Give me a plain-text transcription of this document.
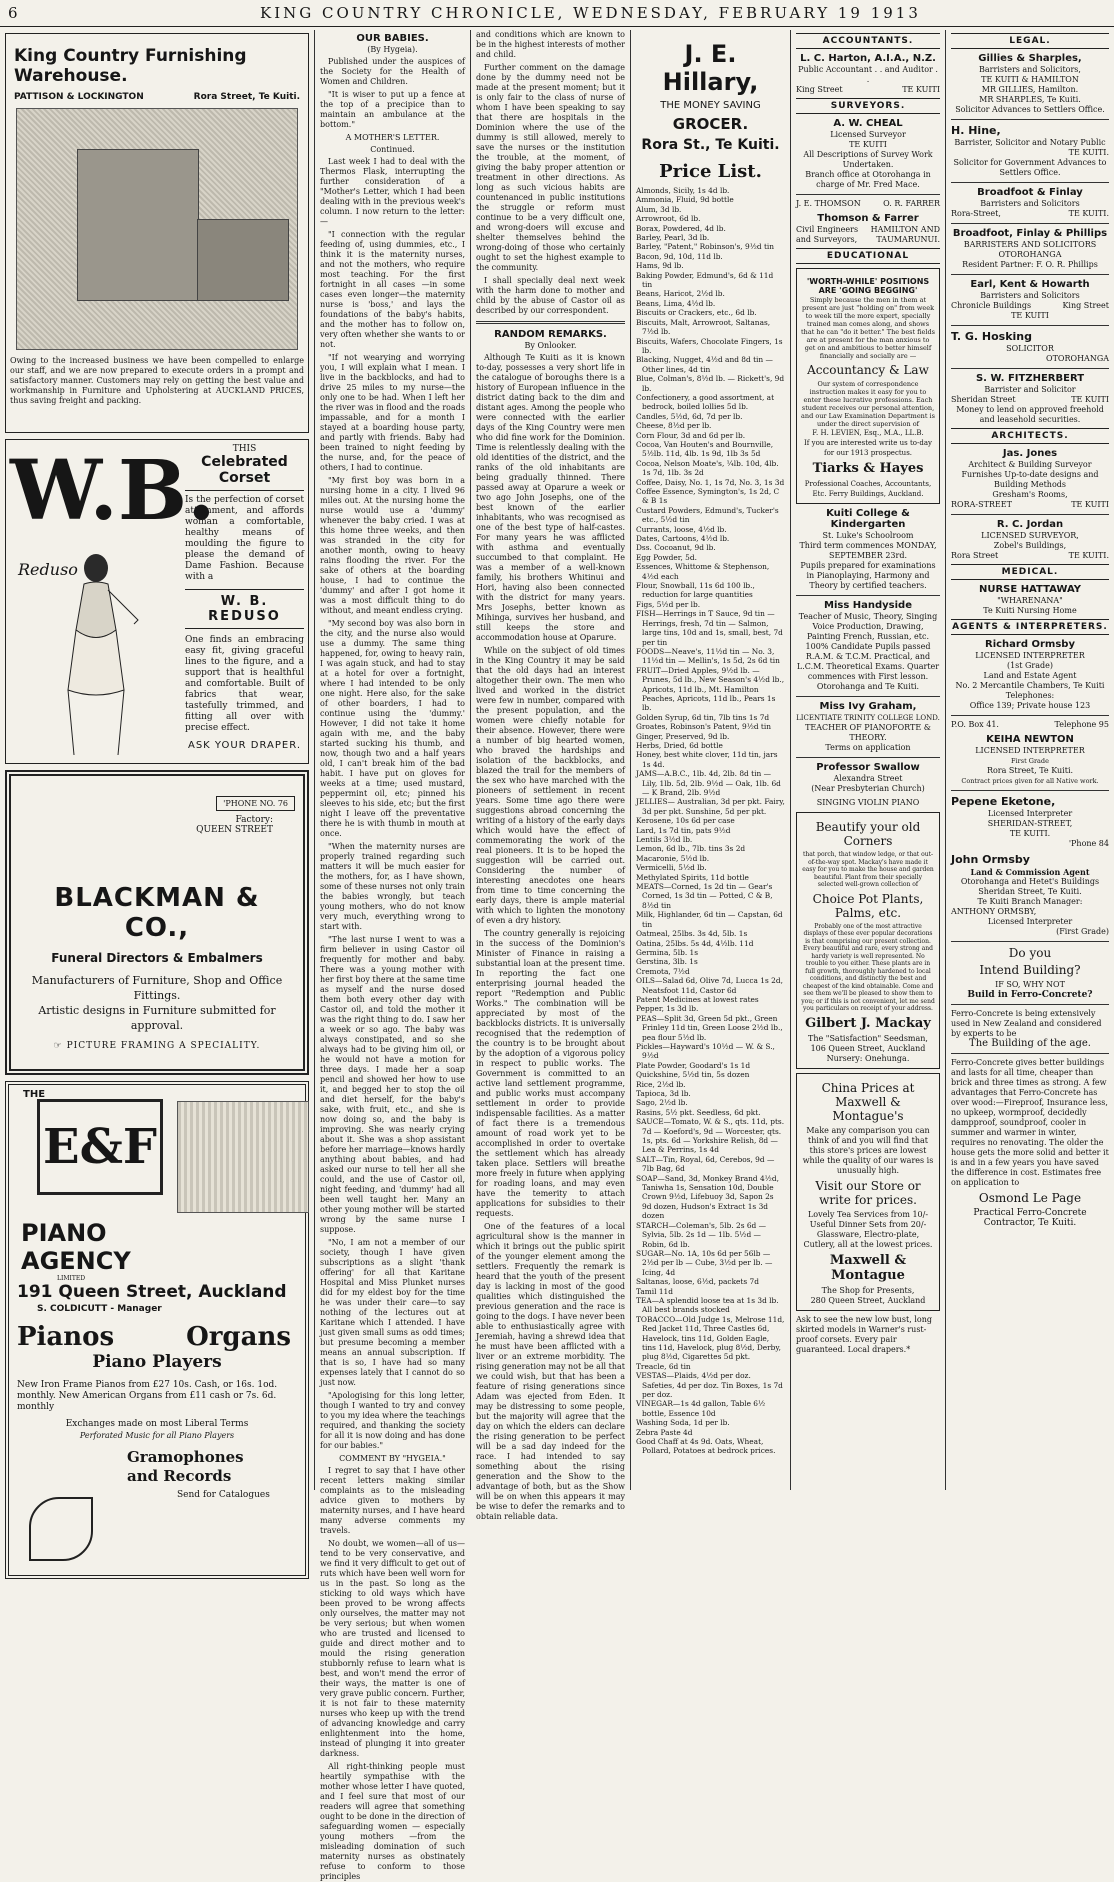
6	KING COUNTRY CHRONICLE, WEDNESDAY, FEBRUARY 19 1913
King Country Furnishing Warehouse.
PATTISON & LOCKINGTON	Rora Street, Te Kuiti.
Owing to the increased business we have been compelled to enlarge our staff, and we are now prepared to execute orders in a prompt and satisfactory manner. Customers may rely on getting the best value and workmanship in Furniture and Upholstering at AUCKLAND PRICES, thus saving freight and packing.
W.B.
Reduso
THIS
Celebrated Corset
Is the perfection of corset attainment, and affords woman a comfortable, healthy means of moulding the figure to please the demand of Dame Fashion. Because with a
W. B. REDUSO
One finds an embracing easy fit, giving graceful lines to the figure, and a support that is healthful and comfortable. Built of fabrics that wear, tastefully trimmed, and fitting all over with precise effect.
ASK YOUR DRAPER.
'PHONE NO. 76
Factory:
QUEEN STREET
BLACKMAN & CO.,
Funeral Directors & Embalmers
Manufacturers of Furniture, Shop and Office Fittings.
Artistic designs in Furniture submitted for approval.
☞ PICTURE FRAMING A SPECIALITY.
THE
E&F
PIANO
AGENCY
LIMITED
191 Queen Street, Auckland
S. COLDICUTT - Manager
Pianos	Organs
Piano Players
New Iron Frame Pianos from £27 10s. Cash, or 16s. 1od. monthly. New American Organs from £11 cash or 7s. 6d. monthly
Exchanges made on most Liberal Terms
Perforated Music for all Piano Players
Gramophones
and Records
Send for Catalogues
OUR BABIES.
(By Hygeia).

Published under the auspices of the Society for the Health of Women and Children.

"It is wiser to put up a fence at the top of a precipice than to maintain an ambulance at the bottom."

A MOTHER'S LETTER.
Continued.

Last week I had to deal with the Thermos Flask, interrupting the further consideration of a "Mother's Letter, which I had been dealing with in the previous week's column. I now return to the letter:—

"I connection with the regular feeding of, using dummies, etc., I think it is the maternity nurses, and not the mothers, who require most teaching. For the first fortnight in all cases —in some cases even longer—the maternity nurse is 'boss,' and lays the foundations of the baby's habits, and the mother has to follow on, very often whether she wants to or not.

"If not wearying and worrying you, I will explain what I mean. I live in the backblocks, and had to drive 25 miles to my nurse—the only one to be had. When I left her the river was in flood and the roads impassable, and for a month I stayed at a boarding house party, and partly with friends. Baby had been trained to night feeding by the nurse, and, for the peace of others, I had to continue.

"My first boy was born in a nursing home in a city. I lived 96 miles out. At the nursing home the nurse would use a 'dummy' whenever the baby cried. I was at this home three weeks, and then was stranded in the city for another month, owing to heavy rains flooding the river. For the sake of others at the boarding house, I had to continue the 'dummy' and after I got home it was a most difficult thing to do without, and meant endless crying.

"My second boy was also born in the city, and the nurse also would use a dummy. The same thing happened, for, owing to heavy rain, I was again stuck, and had to stay at a hotel for over a fortnight, where I had intended to be only one night. Here also, for the sake of other boarders, I had to continue using the 'dummy.' However, I did not take it home again with me, and the baby started sucking his thumb, and now, though two and a half years old, I can't break him of the bad habit. I have put on gloves for weeks at a time; used mustard, peppermint oil, etc; pinned his sleeves to his side, etc; but the first night I leave off the preventative there he is with thumb in mouth at once.

"When the maternity nurses are properly trained regarding such matters it will be much easier for the mothers, for, as I have shown, some of these nurses not only train the babies wrongly, but teach young mothers, who do not know very much, everything wrong to start with.

"The last nurse I went to was a firm believer in using Castor oil frequently for mother and baby. There was a young mother with her first boy there at the same time as myself and the nurse dosed them both every other day with Castor oil, and told the mother it was the right thing to do. I saw her a week or so ago. The baby was always constipated, and so she always had to be giving him oil, or he would not have a motion for three days. I made her a soap pencil and showed her how to use it, and begged her to stop the oil and diet herself, for the baby's sake, with fruit, etc., and she is now doing so, and the baby is improving. She was nearly crying about it. She was a shop assistant before her marriage—knows hardly anything about babies, and had asked our nurse to tell her all she could, and the use of Castor oil, night feeding, and 'dummy' had all been well taught her. Many an other young mother will be started wrong by the same nurse I suppose.

"No, I am not a member of our society, though I have given subscriptions as a slight 'thank offering' for all that Karitane Hospital and Miss Plunket nurses did for my eldest boy for the time he was under their care—to say nothing of the lectures out at Karitane which I attended. I have just given small sums as odd times; but presume becoming a member means an annual subscription. If that is so, I have had so many expenses lately that I cannot do so just now.

"Apologising for this long letter, though I wanted to try and convey to you my idea where the teachings required, and thanking the society for all it is now doing and has done for our babies."

COMMENT BY "HYGEIA."

I regret to say that I have other recent letters making similar complaints as to the misleading advice given to mothers by maternity nurses, and I have heard many adverse comments my travels.

No doubt, we women—all of us—tend to be very conservative, and we find it very difficult to get out of ruts which have been well worn for us in the past. So long as the sticking to old ways which have been proved to be wrong affects only ourselves, the matter may not be very serious; but when women who are trusted and licensed to guide and direct mother and to mould the rising generation stubbornly refuse to learn what is best, and won't mend the error of their ways, the matter is one of very grave public concern. Further, it is not fair to these maternity nurses who keep up with the trend of advancing knowledge and carry enlightenment into the home, instead of plunging it into greater darkness.

All right-thinking people must heartily sympathise with the mother whose letter I have quoted, and I feel sure that most of our readers will agree that something ought to be done in the direction of safeguarding women — especially young mothers —from the misleading domination of such maternity nurses as obstinately refuse to conform to those principles

and conditions which are known to be in the highest interests of mother and child.

Further comment on the damage done by the dummy need not be made at the present moment; but it is only fair to the class of nurse of whom I have been speaking to say that there are hospitals in the Dominion where the use of the dummy is still allowed, merely to save the nurses or the institution the trouble, at the moment, of giving the baby proper attention or treatment in other directions. As long as such vicious habits are countenanced in public institutions the struggle or reform must continue to be a very difficult one, and wrong-doers will excuse and shelter themselves behind the wrong-doing of those who certainly ought to set the highest example to the community.

I shall specially deal next week with the harm done to mother and child by the abuse of Castor oil as described by our correspondent.

RANDOM REMARKS.
By Onlooker.

Although Te Kuiti as it is known to-day, possesses a very short life in the catalogue of boroughs there is a history of European influence in the district dating back to the dim and distant ages. Among the people who were connected with the earlier days of the King Country were men who did fine work for the Dominion. Time is relentlessly dealing with the old identities of the district, and the ranks of the old inhabitants are being gradually thinned. There passed away at Oparure a week or two ago John Josephs, one of the best known of the earlier inhabitants, who was recognised as one of the best type of half-castes. For many years he was afflicted with asthma and eventually succumbed to that complaint. He was a member of a well-known family, his brothers Whitinui and Hori, having also been connected with the district for many years. Mrs Josephs, better known as Mihinga, survives her husband, and still keeps the store and accommodation house at Oparure.

While on the subject of old times in the King Country it may be said that the old days had an interest altogether their own. The men who lived and worked in the district were few in number, compared with the present population, and the women were chiefly notable for their absence. However, there were a number of big hearted women, who braved the hardships and isolation of the backblocks, and blazed the trail for the members of the sex who have marched with the pioneers of settlement in recent years. Some time ago there were suggestions abroad concerning the writing of a history of the early days which would have the effect of commemorating the work of the real pioneers. It is to be hoped the suggestion will be carried out. Considering the number of interesting anecdotes one hears from time to time concerning the early days, there is ample material with which to lighten the monotony of even a dry history.

The country generally is rejoicing in the success of the Dominion's Minister of Finance in raising a substantial loan at the present time. In reporting the fact one enterprising journal headed the report "Redemption and Public Works." The combination will be appreciated by most of the backblocks districts. It is universally recognised that the redemption of the country is to be brought about by the adoption of a vigorous policy in respect to public works. The Government is committed to an active land settlement programme, and public works must accompany settlement in order to provide indispensable facilities. As a matter of fact there is a tremendous amount of road work yet to be accomplished in order to overtake the settlement which has already taken place. Settlers will breathe more freely in future when applying for roading loans, and may even have the temerity to attach applications for subsidies to their requests.

One of the features of a local agricultural show is the manner in which it brings out the public spirit of the younger element among the settlers. Frequently the remark is heard that the youth of the present day is lacking in most of the good qualities which distinguished the previous generation and the race is going to the dogs. I have never been able to enthusiastically agree with Jeremiah, having a shrewd idea that he must have been afflicted with a liver or an extreme morbidity. The rising generation may not be all that we could wish, but that has been a feature of rising generations since Adam was ejected from Eden. It may be distressing to some people, but the majority will agree that the day on which the elders can declare the rising generation to be perfect will be a sad day indeed for the race. I had intended to say something about the rising generation and the Show to the advantage of both, but as the Show will be on when this appears it may be wise to defer the remarks and to obtain reliable data.

J. E. Hillary,
THE MONEY SAVING
GROCER.
Rora St., Te Kuiti.
Price List.

Almonds, Sicily, 1s 4d lb.

Ammonia, Fluid, 9d bottle

Alum, 3d lb.

Arrowroot, 6d lb.

Borax, Powdered, 4d lb.

Barley, Pearl, 3d lb.

Barley, "Patent," Robinson's, 9½d tin

Bacon, 9d, 10d, 11d lb.

Hams, 9d lb.

Baking Powder, Edmund's, 6d & 11d tin

Beans, Haricot, 2½d lb.

Beans, Lima, 4½d lb.

Biscuits or Crackers, etc., 6d lb.

Biscuits, Malt, Arrowroot, Saltanas, 7½d lb.

Biscuits, Wafers, Chocolate Fingers, 1s lb.

Blacking, Nugget, 4½d and 8d tin — Other lines, 4d tin

Blue, Colman's, 8½d lb. — Rickett's, 9d lb.

Confectionery, a good assortment, at bedrock, boiled lollies 5d lb.

Candles, 5½d, 6d, 7d per lb.

Cheese, 8½d per lb.

Corn Flour, 3d and 6d per lb.

Cocoa, Van Houten's and Bournville, 5½lb. 11d, 4lb. 1s 9d, 1lb 3s 5d

Cocoa, Nelson Moate's, ¼lb. 10d, 4lb. 1s 7d, 1lb. 3s 2d

Coffee, Daisy, No. 1, 1s 7d, No. 3, 1s 3d

Coffee Essence, Symington's, 1s 2d, C & B 1s

Custard Powders, Edmund's, Tucker's etc., 5½d tin

Currants, loose, 4½d lb.

Dates, Cartoons, 4½d lb.

Dss. Cocoanut, 9d lb.

Egg Powder, 5d.

Essences, Whittome & Stephenson, 4½d each

Flour, Snowball, 11s 6d 100 lb., reduction for large quantities

Figs, 5½d per lb.

FISH—Herrings in T Sauce, 9d tin — Herrings, fresh, 7d tin — Salmon, large tins, 10d and 1s, small, best, 7d per tin

FOODS—Neave's, 11½d tin — No. 3, 11½d tin — Mellin's, 1s 5d, 2s 6d tin

FRUIT—Dried Apples, 9½d lb. — Prunes, 5d lb., New Season's 4½d lb., Apricots, 11d lb., Mt. Hamilton Peaches, Apricots, 11d lb., Pears 1s lb.

Golden Syrup, 6d tin, 7lb tins 1s 7d

Groates, Robinson's Patent, 9½d tin

Ginger, Preserved, 9d lb.

Herbs, Dried, 6d bottle

Honey, best white clover, 11d tin, jars 1s 4d.

JAMS—A.B.C., 1lb. 4d, 2lb. 8d tin — Lily, 1lb. 5d, 2lb. 9½d — Oak, 1lb. 6d — K Brand, 2lb. 9½d

JELLIES— Australian, 3d per pkt. Fairy, 3d per pkt. Sunshine, 5d per pkt.

Kerosene, 10s 6d per case

Lard, 1s 7d tin, pats 9½d

Lentils 3½d lb.

Lemon, 6d lb., 7lb. tins 3s 2d

Macaronie, 5½d lb.

Vermicelli, 5½d lb.

Methylated Spirits, 11d bottle

MEATS—Corned, 1s 2d tin — Gear's Corned, 1s 3d tin — Potted, C & B, 8½d tin

Milk, Highlander, 6d tin — Capstan, 6d tin

Oatmeal, 25lbs. 3s 4d, 5lb. 1s

Oatina, 25lbs. 5s 4d, 4½lb. 11d

Germina, 5lb. 1s

Gerstina, 3lb. 1s

Cremota, 7½d

OILS—Salad 6d, Olive 7d, Lucca 1s 2d, Neatsfoot 11d, Castor 6d

Patent Medicines at lowest rates

Pepper, 1s 3d lb.

PEAS—Split 3d, Green 5d pkt., Green Frinley 11d tin, Green Loose 2½d lb., pea flour 5½d lb.

Pickles—Hayward's 10½d — W. & S., 9½d

Plate Powder, Goodard's 1s 1d

Quickshine, 5½d tin, 5s dozen

Rice, 2½d lb.

Tapioca, 3d lb.

Sago, 2½d lb.

Rasins, 5½ pkt. Seedless, 6d pkt.

SAUCE—Tomato, W. & S., qts. 11d, pts. 7d — Koeford's, 9d — Worcester, qts. 1s, pts. 6d — Yorkshire Relish, 8d — Lea & Perrins, 1s 4d

SALT—Tin, Royal, 6d, Cerebos, 9d — 7lb Bag, 6d

SOAP—Sand, 3d, Monkey Brand 4½d, Taniwha 1s, Sensation 10d, Double Crown 9½d, Lifebuoy 3d, Sapon 2s 9d dozen, Hudson's Extract 1s 3d dozen

STARCH—Coleman's, 5lb. 2s 6d — Sylvia, 5lb. 2s 1d — 1lb. 5½d — Robin, 6d lb.

SUGAR—No. 1A, 10s 6d per 56lb — 2½d per lb — Cube, 3½d per lb. — Icing, 4d

Saltanas, loose, 6½d, packets 7d

Tamil 11d

TEA—A splendid loose tea at 1s 3d lb. All best brands stocked

TOBACCO—Old Judge 1s, Melrose 11d, Red Jacket 11d, Three Castles 6d, Havelock, tins 11d, Golden Eagle, tins 11d, Havelock, plug 8½d, Derby, plug 8½d, Cigarettes 5d pkt.

Treacle, 6d tin

VESTAS—Plaids, 4½d per doz. Safeties, 4d per doz. Tin Boxes, 1s 7d per doz.

VINEGAR—1s 4d gallon, Table 6½ bottle, Essence 10d

Washing Soda, 1d per lb.

Zebra Paste 4d

Good Chaff at 4s 9d. Oats, Wheat, Pollard, Potatoes at bedrock prices.

ACCOUNTANTS.
L. C. Harton, A.I.A., N.Z.
Public Accountant . . and Auditor . .
King Street	TE KUITI
SURVEYORS.
A. W. CHEAL
Licensed Surveyor
TE KUITI
All Descriptions of Survey Work Undertaken.
Branch office at Otorohanga in charge of Mr. Fred Mace.
J. E. THOMSON	O. R. FARRER
Thomson & Farrer
Civil Engineers HAMILTON AND
and Surveyors, TAUMARUNUI.
EDUCATIONAL
'WORTH-WHILE' POSITIONS ARE 'GOING BEGGING'
Simply because the men in them at present are just "holding on" from week to week till the more expert, specially trained man comes along, and shows that he can "do it better." The best fields are at present for the man anxious to get on and ambitious to better himself financially and socially are —
Accountancy & Law
Our system of correspondence instruction makes it easy for you to enter these lucrative professions. Each student receives our personal attention, and our Law Examination Department is under the direct supervision of
F. H. LEVIEN, Esq., M.A., LL.B.
If you are interested write us to-day for our 1913 prospectus.
Tiarks & Hayes
Professional Coaches, Accountants, Etc. Ferry Buildings, Auckland.
Kuiti College & Kindergarten
St. Luke's Schoolroom
Third term commences MONDAY, SEPTEMBER 23rd.
Pupils prepared for examinations in Pianoplaying, Harmony and Theory by certified teachers.
Miss Handyside
Teacher of Music, Theory, Singing Voice Production, Drawing, Painting French, Russian, etc. 100% Candidate Pupils passed R.A.M. & T.C.M. Practical, and L.C.M. Theoretical Exams. Quarter commences with First lesson. Otorohanga and Te Kuiti.
Miss Ivy Graham,
LICENTIATE TRINITY COLLEGE LOND.
TEACHER OF PIANOFORTE & THEORY.
Terms on application
Professor Swallow
Alexandra Street
(Near Presbyterian Church)
SINGING VIOLIN PIANO
Beautify your old Corners
that porch, that window ledge, or that out-of-the-way spot. Mackay's have made it easy for you to make the house and garden beautiful. Plant from their specially selected well-grown collection of
Choice Pot Plants, Palms, etc.
Probably one of the most attractive displays of these ever popular decorations is that comprising our present collection. Every beautiful and rare, every strong and hardy variety is well represented. No trouble to you either. These plants are in full growth, thoroughly hardened to local conditions, and distinctly the best and cheapest of the kind obtainable. Come and see them we'll be pleased to show them to you; or if this is not convenient, let me send you particulars on receipt of your address.
Gilbert J. Mackay
The "Satisfaction" Seedsman,
106 Queen Street, Auckland
Nursery: Onehunga.
China Prices at Maxwell & Montague's
Make any comparison you can think of and you will find that this store's prices are lowest while the quality of our wares is unusually high.
Visit our Store or write for prices.
Lovely Tea Services from 10/- Useful Dinner Sets from 20/- Glassware, Electro-plate, Cutlery, all at the lowest prices.
Maxwell & Montague
The Shop for Presents,
280 Queen Street, Auckland
Ask to see the new low bust, long skirted models in Warner's rust-proof corsets. Every pair guaranteed. Local drapers.*
LEGAL.
Gillies & Sharples,
Barristers and Solicitors,
TE KUITI & HAMILTON
MR GILLIES, Hamilton.
MR SHARPLES, Te Kuiti.
Solicitor Advances to Settlers Office.
H. Hine,
Barrister, Solicitor and Notary Public
TE KUITI.
Solicitor for Government Advances to Settlers Office.
Broadfoot & Finlay
Barristers and Solicitors
Rora-Street,	TE KUITI.
Broadfoot, Finlay & Phillips
BARRISTERS AND SOLICITORS
OTOROHANGA
Resident Partner: F. O. R. Phillips
Earl, Kent & Howarth
Barristers and Solicitors
Chronicle Buildings	King Street
TE KUITI
T. G. Hosking
SOLICITOR
OTOROHANGA
S. W. FITZHERBERT
Barrister and Solicitor
Sheridan Street	TE KUITI
Money to lend on approved freehold and leasehold securities.
ARCHITECTS.
Jas. Jones
Architect & Building Surveyor
Furnishes Up-to-date designs and Building Methods
Gresham's Rooms,
RORA-STREET	TE KUITI
R. C. Jordan
LICENSED SURVEYOR,
Zobel's Buildings,
Rora Street	TE KUITI.
MEDICAL.
NURSE HATTAWAY
"WHARENANA"
Te Kuiti Nursing Home
AGENTS & INTERPRETERS.
Richard Ormsby
LICENSED INTERPRETER
(1st Grade)
Land and Estate Agent
No. 2 Mercantile Chambers, Te Kuiti
Telephones:
Office 139; Private house 123
P.O. Box 41.	Telephone 95
KEIHA NEWTON
LICENSED INTERPRETER
First Grade
Rora Street, Te Kuiti.
Contract prices given for all Native work.
Pepene Eketone,
Licensed Interpreter
SHERIDAN-STREET,
TE KUITI.
'Phone 84
John Ormsby
Land & Commission Agent
Otorohanga and Hetet's Buildings Sheridan Street, Te Kuiti.
Te Kuiti Branch Manager:
ANTHONY ORMSBY,
Licensed Interpreter
(First Grade)
Do you
Intend Building?
IF SO, WHY NOT
Build in Ferro-Concrete?
Ferro-Concrete is being extensively used in New Zealand and considered by experts to be
The Building of the age.
Ferro-Concrete gives better buildings and lasts for all time, cheaper than brick and three times as strong. A few advantages that Ferro-Concrete has over wood:—Fireproof, Insurance less, no upkeep, wormproof, decidedly dampproof, soundproof, cooler in summer and warmer in winter, requires no renovating. The older the house gets the more solid and better it is and in a few years you have saved the difference in cost. Estimates free on application to
Osmond Le Page
Practical Ferro-Concrete Contractor, Te Kuiti.
